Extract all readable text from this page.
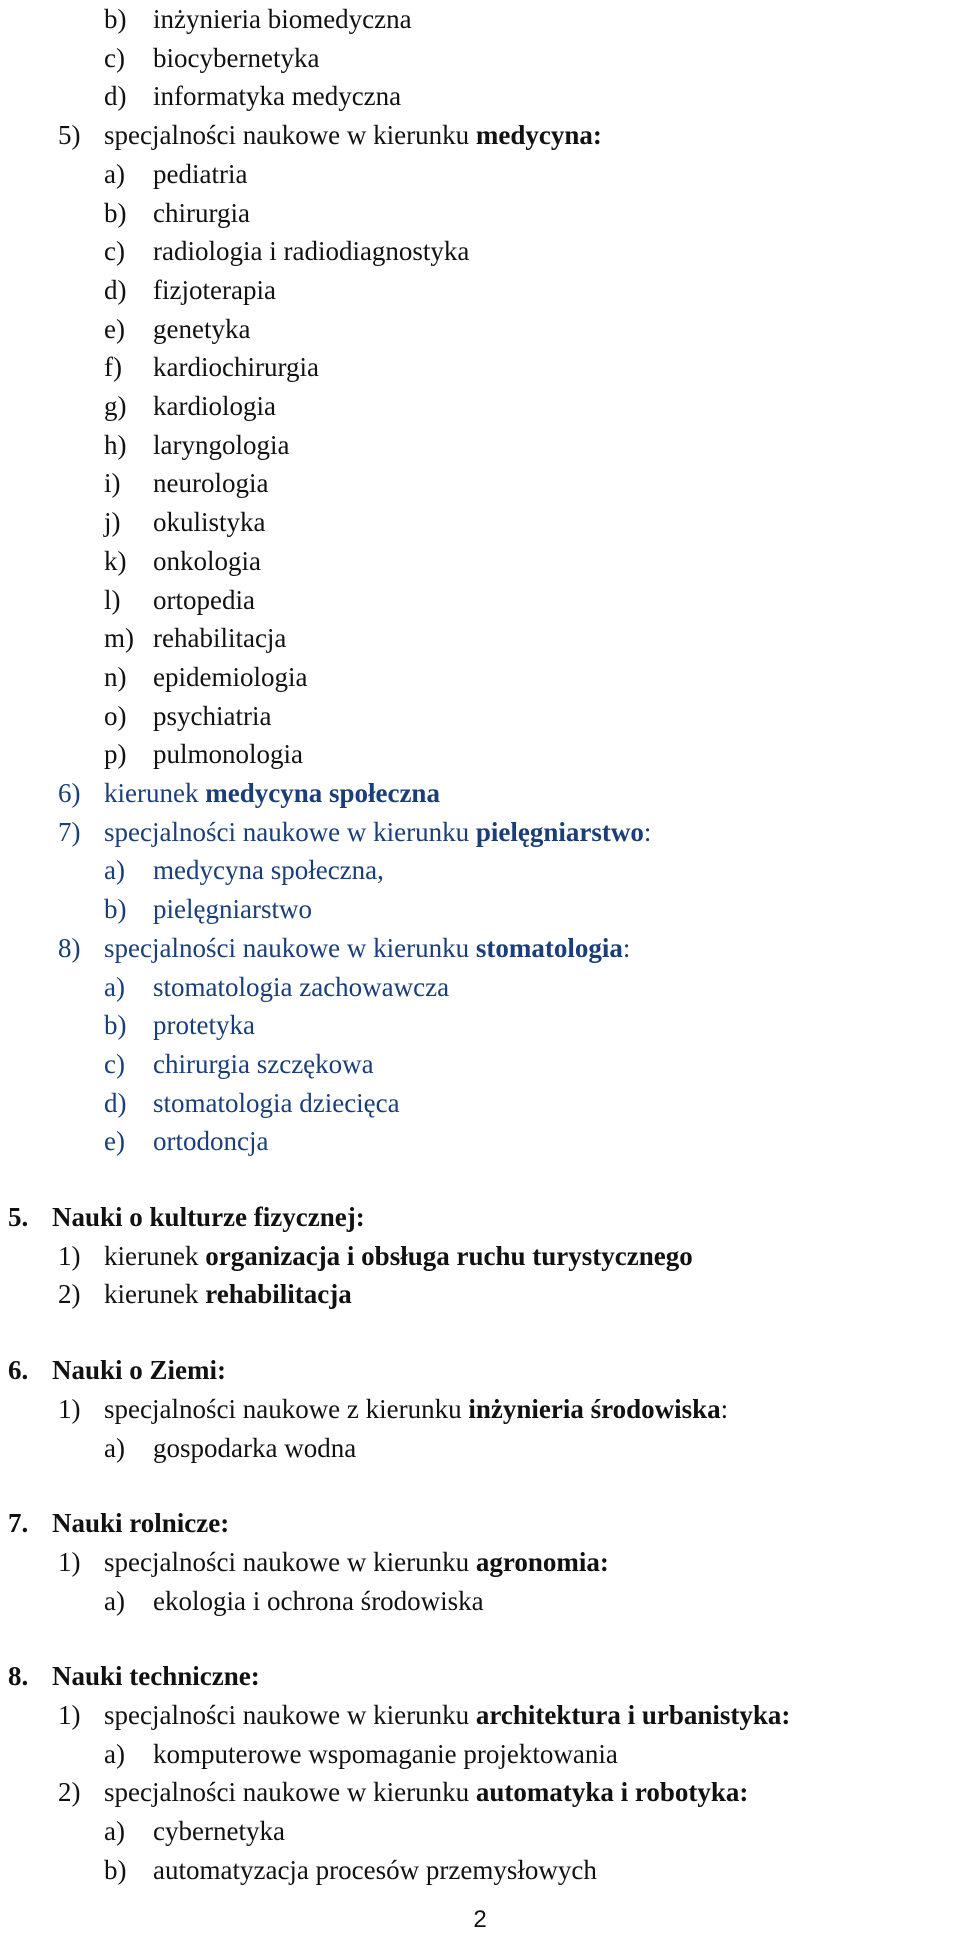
b) inżynieria biomedyczna
c) biocybernetyka
d) informatyka medyczna
5) specjalności naukowe w kierunku medycyna:
a) pediatria
b) chirurgia
c) radiologia i radiodiagnostyka
d) fizjoterapia
e) genetyka
f) kardiochirurgia
g) kardiologia
h) laryngologia
i) neurologia
j) okulistyka
k) onkologia
l) ortopedia
m) rehabilitacja
n) epidemiologia
o) psychiatria
p) pulmonologia
6) kierunek medycyna społeczna
7) specjalności naukowe w kierunku pielęgniarstwo:
a) medycyna społeczna,
b) pielęgniarstwo
8) specjalności naukowe w kierunku stomatologia:
a) stomatologia zachowawcza
b) protetyka
c) chirurgia szczękowa
d) stomatologia dziecięca
e) ortodoncja
5. Nauki o kulturze fizycznej:
1) kierunek organizacja i obsługa ruchu turystycznego
2) kierunek rehabilitacja
6. Nauki o Ziemi:
1) specjalności naukowe z kierunku inżynieria środowiska:
a) gospodarka wodna
7. Nauki rolnicze:
1) specjalności naukowe w kierunku agronomia:
a) ekologia i ochrona środowiska
8. Nauki techniczne:
1) specjalności naukowe w kierunku architektura i urbanistyka:
a) komputerowe wspomaganie projektowania
2) specjalności naukowe w kierunku automatyka i robotyka:
a) cybernetyka
b) automatyzacja procesów przemysłowych
2
